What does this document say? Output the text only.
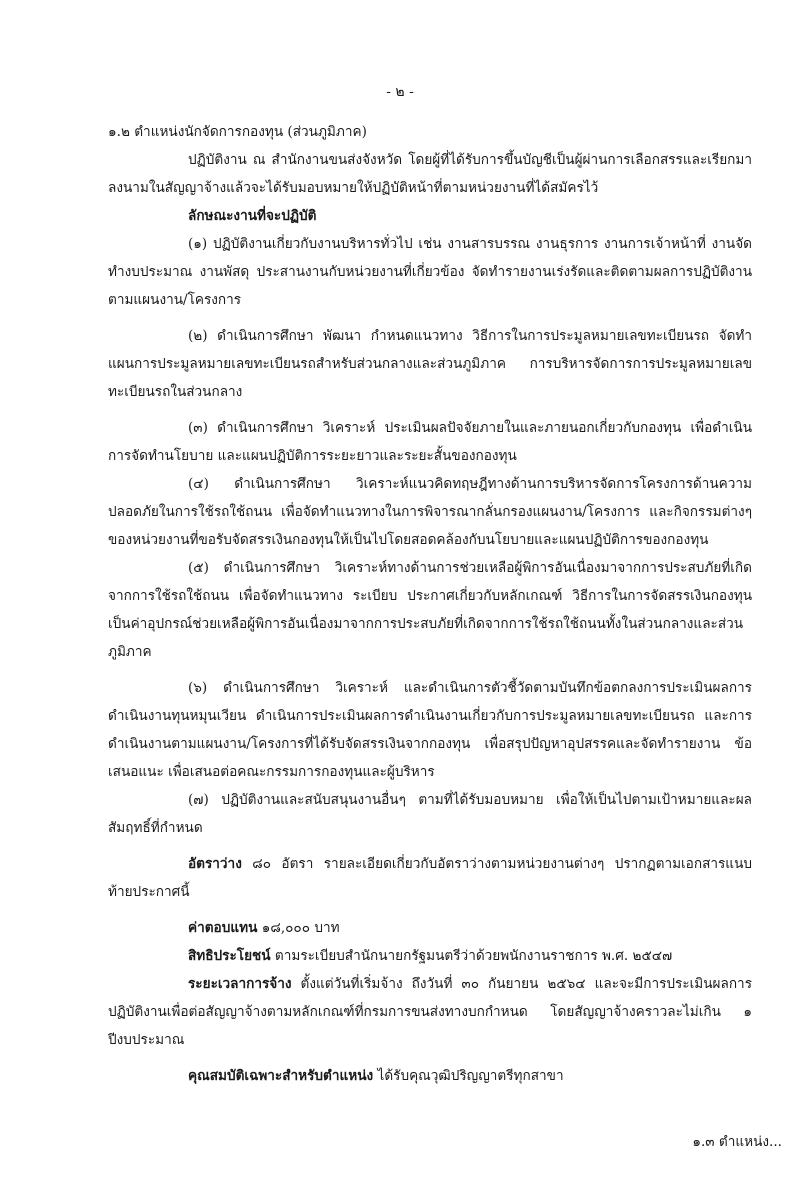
- ๒ -

๑.๒ ตำแหน่งนักจัดการกองทุน (ส่วนภูมิภาค)

ปฏิบัติงาน ณ สำนักงานขนส่งจังหวัด โดยผู้ที่ได้รับการขึ้นบัญชีเป็นผู้ผ่านการเลือกสรรและเรียกมาลงนามในสัญญาจ้างแล้วจะได้รับมอบหมายให้ปฏิบัติหน้าที่ตามหน่วยงานที่ได้สมัครไว้

ลักษณะงานที่จะปฏิบัติ

(๑) ปฏิบัติงานเกี่ยวกับงานบริหารทั่วไป เช่น งานสารบรรณ งานธุรการ งานการเจ้าหน้าที่ งานจัดทำงบประมาณ งานพัสดุ ประสานงานกับหน่วยงานที่เกี่ยวข้อง จัดทำรายงานเร่งรัดและติดตามผลการปฏิบัติงานตามแผนงาน/โครงการ

(๒) ดำเนินการศึกษา พัฒนา กำหนดแนวทาง วิธีการในการประมูลหมายเลขทะเบียนรถ จัดทำแผนการประมูลหมายเลขทะเบียนรถสำหรับส่วนกลางและส่วนภูมิภาค การบริหารจัดการการประมูลหมายเลขทะเบียนรถในส่วนกลาง

(๓) ดำเนินการศึกษา วิเคราะห์ ประเมินผลปัจจัยภายในและภายนอกเกี่ยวกับกองทุน เพื่อดำเนินการจัดทำนโยบาย และแผนปฏิบัติการระยะยาวและระยะสั้นของกองทุน

(๔) ดำเนินการศึกษา วิเคราะห์แนวคิดทฤษฎีทางด้านการบริหารจัดการโครงการด้านความปลอดภัยในการใช้รถใช้ถนน เพื่อจัดทำแนวทางในการพิจารณากลั่นกรองแผนงาน/โครงการ และกิจกรรมต่างๆ ของหน่วยงานที่ขอรับจัดสรรเงินกองทุนให้เป็นไปโดยสอดคล้องกับนโยบายและแผนปฏิบัติการของกองทุน

(๕) ดำเนินการศึกษา วิเคราะห์ทางด้านการช่วยเหลือผู้พิการอันเนื่องมาจากการประสบภัยที่เกิดจากการใช้รถใช้ถนน เพื่อจัดทำแนวทาง ระเบียบ ประกาศเกี่ยวกับหลักเกณฑ์ วิธีการในการจัดสรรเงินกองทุนเป็นค่าอุปกรณ์ช่วยเหลือผู้พิการอันเนื่องมาจากการประสบภัยที่เกิดจากการใช้รถใช้ถนนทั้งในส่วนกลางและส่วนภูมิภาค

(๖) ดำเนินการศึกษา วิเคราะห์ และดำเนินการตัวชี้วัดตามบันทึกข้อตกลงการประเมินผลการดำเนินงานทุนหมุนเวียน ดำเนินการประเมินผลการดำเนินงานเกี่ยวกับการประมูลหมายเลขทะเบียนรถ และการดำเนินงานตามแผนงาน/โครงการที่ได้รับจัดสรรเงินจากกองทุน เพื่อสรุปปัญหาอุปสรรคและจัดทำรายงาน ข้อเสนอแนะ เพื่อเสนอต่อคณะกรรมการกองทุนและผู้บริหาร

(๗) ปฏิบัติงานและสนับสนุนงานอื่นๆ ตามที่ได้รับมอบหมาย เพื่อให้เป็นไปตามเป้าหมายและผลสัมฤทธิ์ที่กำหนด

อัตราว่าง ๘๐ อัตรา รายละเอียดเกี่ยวกับอัตราว่างตามหน่วยงานต่างๆ ปรากฏตามเอกสารแนบท้ายประกาศนี้

ค่าตอบแทน ๑๘,๐๐๐ บาท

สิทธิประโยชน์ ตามระเบียบสำนักนายกรัฐมนตรีว่าด้วยพนักงานราชการ พ.ศ. ๒๕๔๗

ระยะเวลาการจ้าง ตั้งแต่วันที่เริ่มจ้าง ถึงวันที่ ๓๐ กันยายน ๒๕๖๔ และจะมีการประเมินผลการปฏิบัติงานเพื่อต่อสัญญาจ้างตามหลักเกณฑ์ที่กรมการขนส่งทางบกกำหนด โดยสัญญาจ้างคราวละไม่เกิน ๑ ปีงบประมาณ

คุณสมบัติเฉพาะสำหรับตำแหน่ง ได้รับคุณวุฒิปริญญาตรีทุกสาขา

๑.๓ ตำแหน่ง...
